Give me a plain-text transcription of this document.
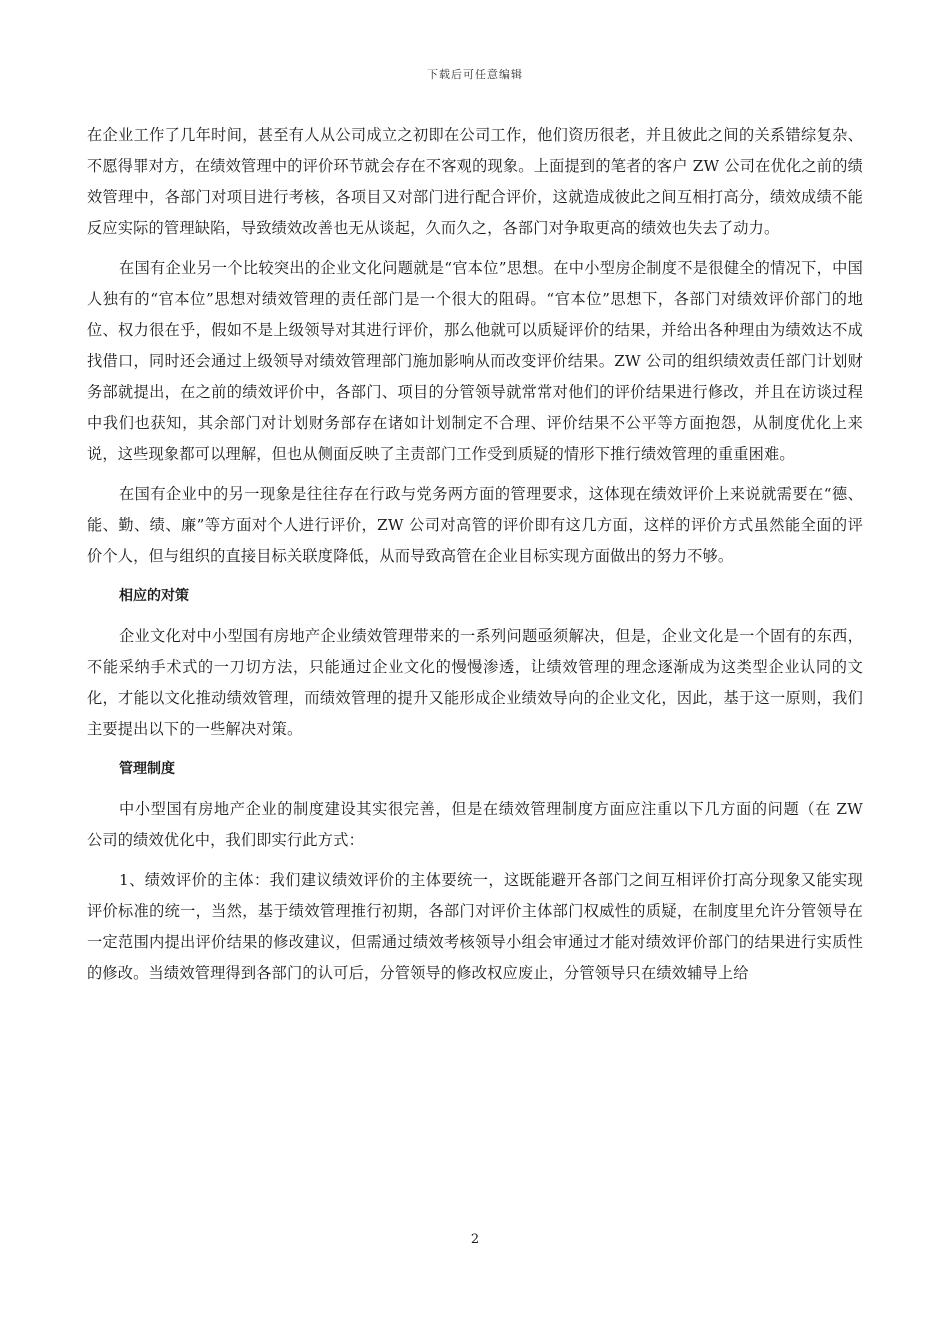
下载后可任意编辑

在企业工作了几年时间，甚至有人从公司成立之初即在公司工作，他们资历很老，并且彼此之间的关系错综复杂、不愿得罪对方，在绩效管理中的评价环节就会存在不客观的现象。上面提到的笔者的客户 ZW 公司在优化之前的绩效管理中，各部门对项目进行考核，各项目又对部门进行配合评价，这就造成彼此之间互相打高分，绩效成绩不能反应实际的管理缺陷，导致绩效改善也无从谈起，久而久之，各部门对争取更高的绩效也失去了动力。

在国有企业另一个比较突出的企业文化问题就是“官本位”思想。在中小型房企制度不是很健全的情况下，中国人独有的“官本位”思想对绩效管理的责任部门是一个很大的阻碍。“官本位”思想下，各部门对绩效评价部门的地位、权力很在乎，假如不是上级领导对其进行评价，那么他就可以质疑评价的结果，并给出各种理由为绩效达不成找借口，同时还会通过上级领导对绩效管理部门施加影响从而改变评价结果。ZW 公司的组织绩效责任部门计划财务部就提出，在之前的绩效评价中，各部门、项目的分管领导就常常对他们的评价结果进行修改，并且在访谈过程中我们也获知，其余部门对计划财务部存在诸如计划制定不合理、评价结果不公平等方面抱怨，从制度优化上来说，这些现象都可以理解，但也从侧面反映了主责部门工作受到质疑的情形下推行绩效管理的重重困难。

在国有企业中的另一现象是往往存在行政与党务两方面的管理要求，这体现在绩效评价上来说就需要在“德、能、勤、绩、廉”等方面对个人进行评价，ZW 公司对高管的评价即有这几方面，这样的评价方式虽然能全面的评价个人，但与组织的直接目标关联度降低，从而导致高管在企业目标实现方面做出的努力不够。

相应的对策

企业文化对中小型国有房地产企业绩效管理带来的一系列问题亟须解决，但是，企业文化是一个固有的东西，不能采纳手术式的一刀切方法，只能通过企业文化的慢慢渗透，让绩效管理的理念逐渐成为这类型企业认同的文化，才能以文化推动绩效管理，而绩效管理的提升又能形成企业绩效导向的企业文化，因此，基于这一原则，我们主要提出以下的一些解决对策。

管理制度

中小型国有房地产企业的制度建设其实很完善，但是在绩效管理制度方面应注重以下几方面的问题（在 ZW 公司的绩效优化中，我们即实行此方式：

1、绩效评价的主体：我们建议绩效评价的主体要统一，这既能避开各部门之间互相评价打高分现象又能实现评价标准的统一，当然，基于绩效管理推行初期，各部门对评价主体部门权威性的质疑，在制度里允许分管领导在一定范围内提出评价结果的修改建议，但需通过绩效考核领导小组会审通过才能对绩效评价部门的结果进行实质性的修改。当绩效管理得到各部门的认可后，分管领导的修改权应废止，分管领导只在绩效辅导上给

2
